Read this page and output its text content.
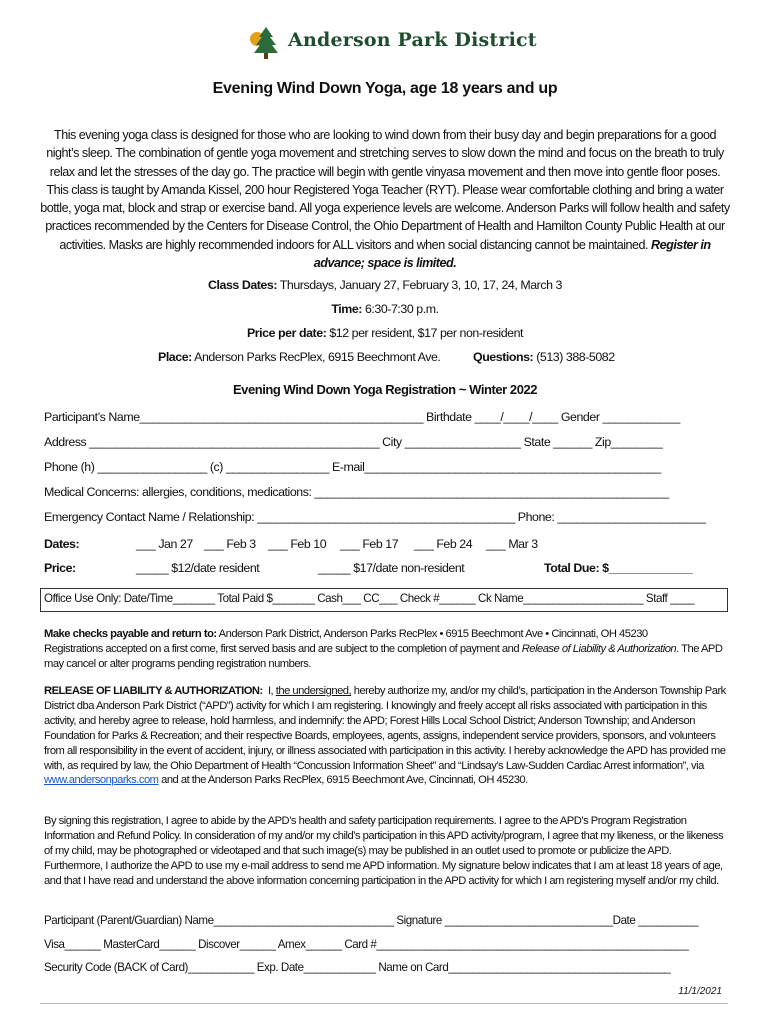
Anderson Park District
Evening Wind Down Yoga, age 18 years and up
This evening yoga class is designed for those who are looking to wind down from their busy day and begin preparations for a good night’s sleep. The combination of gentle yoga movement and stretching serves to slow down the mind and focus on the breath to truly relax and let the stresses of the day go. The practice will begin with gentle vinyasa movement and then move into gentle floor poses. This class is taught by Amanda Kissel, 200 hour Registered Yoga Teacher (RYT). Please wear comfortable clothing and bring a water bottle, yoga mat, block and strap or exercise band. All yoga experience levels are welcome. Anderson Parks will follow health and safety practices recommended by the Centers for Disease Control, the Ohio Department of Health and Hamilton County Public Health at our activities. Masks are highly recommended indoors for ALL visitors and when social distancing cannot be maintained. Register in advance; space is limited.
Class Dates: Thursdays, January 27, February 3, 10, 17, 24, March 3
Time: 6:30-7:30 p.m.
Price per date: $12 per resident, $17 per non-resident
Place: Anderson Parks RecPlex, 6915 Beechmont Ave.	Questions: (513) 388-5082
Evening Wind Down Yoga Registration ~ Winter 2022
Participant’s Name____________________________________________ Birthdate ____/____/____ Gender ____________
Address _____________________________________________ City __________________ State ______ Zip________
Phone (h) _________________ (c) ________________ E-mail______________________________________________
Medical Concerns: allergies, conditions, medications: _______________________________________________________
Emergency Contact Name / Relationship: ________________________________________ Phone: _______________________
Dates:	___ Jan 27 ___ Feb 3 ___ Feb 10 ___ Feb 17 ___ Feb 24 ___ Mar 3
Price:	_____ $12/date resident	_____ $17/date non-resident	Total Due: $_____________
Office Use Only: Date/Time_______ Total Paid $_______ Cash___ CC___ Check #______ Ck Name____________________ Staff ____
Make checks payable and return to: Anderson Park District, Anderson Parks RecPlex • 6915 Beechmont Ave • Cincinnati, OH 45230
Registrations accepted on a first come, first served basis and are subject to the completion of payment and Release of Liability & Authorization. The APD may cancel or alter programs pending registration numbers.
RELEASE OF LIABILITY & AUTHORIZATION: I, the undersigned, hereby authorize my, and/or my child’s, participation in the Anderson Township Park District dba Anderson Park District (“APD”) activity for which I am registering. I knowingly and freely accept all risks associated with participation in this activity, and hereby agree to release, hold harmless, and indemnify: the APD; Forest Hills Local School District; Anderson Township; and Anderson Foundation for Parks & Recreation; and their respective Boards, employees, agents, assigns, independent service providers, sponsors, and volunteers from all responsibility in the event of accident, injury, or illness associated with participation in this activity. I hereby acknowledge the APD has provided me with, as required by law, the Ohio Department of Health “Concussion Information Sheet” and “Lindsay’s Law-Sudden Cardiac Arrest information”, via www.andersonparks.com and at the Anderson Parks RecPlex, 6915 Beechmont Ave, Cincinnati, OH 45230.
By signing this registration, I agree to abide by the APD’s health and safety participation requirements. I agree to the APD’s Program Registration Information and Refund Policy. In consideration of my and/or my child’s participation in this APD activity/program, I agree that my likeness, or the likeness of my child, may be photographed or videotaped and that such image(s) may be published in an outlet used to promote or publicize the APD. Furthermore, I authorize the APD to use my e-mail address to send me APD information. My signature below indicates that I am at least 18 years of age, and that I have read and understand the above information concerning participation in the APD activity for which I am registering myself and/or my child.
Participant (Parent/Guardian) Name______________________________ Signature ____________________________Date __________
Visa______ MasterCard______ Discover______ Amex______ Card #____________________________________________________
Security Code (BACK of Card)___________ Exp. Date____________ Name on Card_____________________________________
11/1/2021
